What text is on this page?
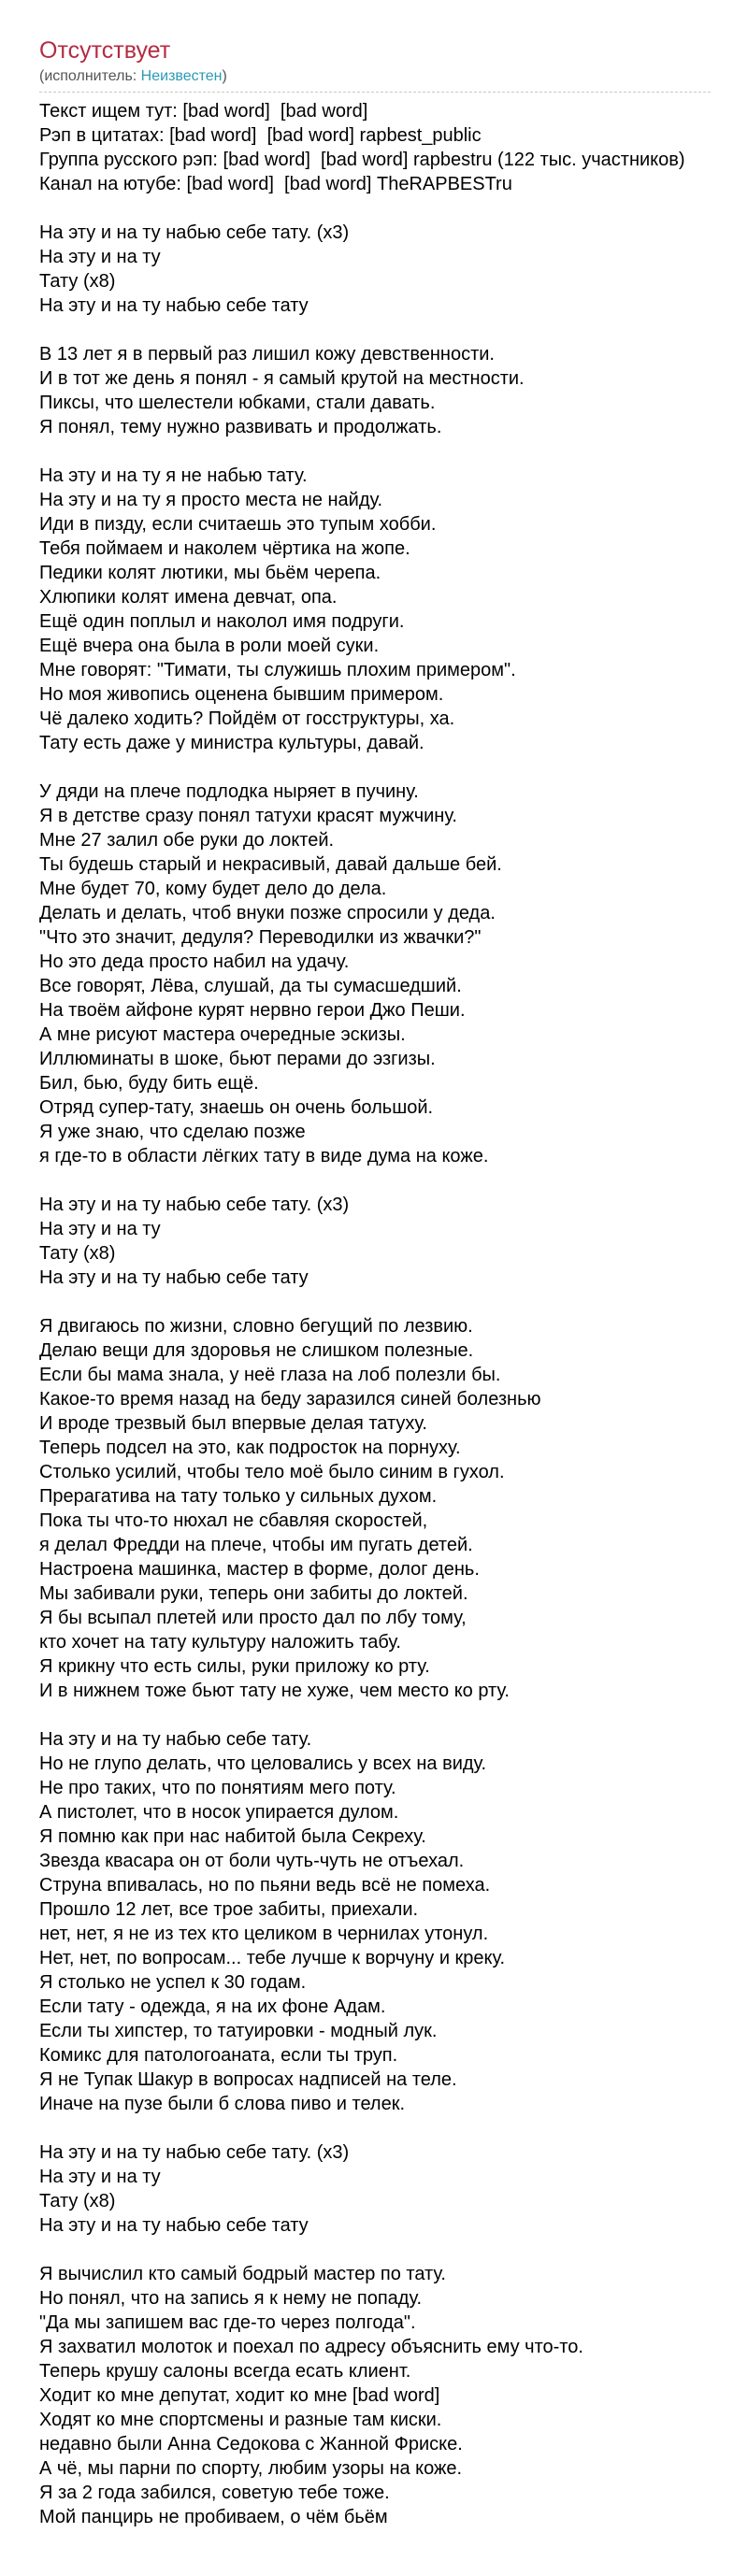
Отсутствует
(исполнитель: Неизвестен)
Текст ищем тут: [bad word]  [bad word]
Рэп в цитатах: [bad word]  [bad word] rapbest_public
Группа русского рэп: [bad word]  [bad word] rapbestru (122 тыс. участников)
Канал на ютубе: [bad word]  [bad word] TheRAPBESTru
На эту и на ту набью себе тату. (x3)
На эту и на ту
Тату (x8)
На эту и на ту набью себе тату
В 13 лет я в первый раз лишил кожу девственности.
И в тот же день я понял - я самый крутой на местности.
Пиксы, что шелестели юбками, стали давать.
Я понял, тему нужно развивать и продолжать.
На эту и на ту я не набью тату.
На эту и на ту я просто места не найду.
Иди в пизду, если считаешь это тупым хобби.
Тебя поймаем и наколем чёртика на жопе.
Педики колят лютики, мы бьём черепа.
Хлюпики колят имена девчат, опа.
Ещё один поплыл и наколол имя подруги.
Ещё вчера она была в роли моей суки.
Мне говорят: "Тимати, ты служишь плохим примером".
Но моя живопись оценена бывшим примером.
Чё далеко ходить? Пойдём от госструктуры, ха.
Тату есть даже у министра культуры, давай.
У дяди на плече подлодка ныряет в пучину.
Я в детстве сразу понял татухи красят мужчину.
Мне 27 залил обе руки до локтей.
Ты будешь старый и некрасивый, давай дальше бей.
Мне будет 70, кому будет дело до дела.
Делать и делать, чтоб внуки позже спросили у деда.
"Что это значит, дедуля? Переводилки из жвачки?"
Но это деда просто набил на удачу.
Все говорят, Лёва, слушай, да ты сумасшедший.
На твоём айфоне курят нервно герои Джо Пеши.
А мне рисуют мастера очередные эскизы.
Иллюминаты в шоке, бьют перами до эзгизы.
Бил, бью, буду бить ещё.
Отряд супер-тату, знаешь он очень большой.
Я уже знаю, что сделаю позже
я где-то в области лёгких тату в виде дума на коже.
На эту и на ту набью себе тату. (x3)
На эту и на ту
Тату (x8)
На эту и на ту набью себе тату
Я двигаюсь по жизни, словно бегущий по лезвию.
Делаю вещи для здоровья не слишком полезные.
Если бы мама знала, у неё глаза на лоб полезли бы.
Какое-то время назад на беду заразился синей болезнью
И вроде трезвый был впервые делая татуху.
Теперь подсел на это, как подросток на порнуху.
Столько усилий, чтобы тело моё было синим в гухол.
Прерагатива на тату только у сильных духом.
Пока ты что-то нюхал не сбавляя скоростей,
я делал Фредди на плече, чтобы им пугать детей.
Настроена машинка, мастер в форме, долог день.
Мы забивали руки, теперь они забиты до локтей.
Я бы всыпал плетей или просто дал по лбу тому,
кто хочет на тату культуру наложить табу.
Я крикну что есть силы, руки приложу ко рту.
И в нижнем тоже бьют тату не хуже, чем место ко рту.
На эту и на ту набью себе тату.
Но не глупо делать, что целовались у всех на виду.
Не про таких, что по понятиям мего поту.
А пистолет, что в носок упирается дулом.
Я помню как при нас набитой была Секреху.
Звезда квасара он от боли чуть-чуть не отъехал.
Струна впивалась, но по пьяни ведь всё не помеха.
Прошло 12 лет, все трое забиты, приехали.
нет, нет, я не из тех кто целиком в чернилах утонул.
Нет, нет, по вопросам... тебе лучше к ворчуну и креку.
Я столько не успел к 30 годам.
Если тату - одежда, я на их фоне Адам.
Если ты хипстер, то татуировки - модный лук.
Комикс для патологоаната, если ты труп.
Я не Тупак Шакур в вопросах надписей на теле.
Иначе на пузе были б слова пиво и телек.
На эту и на ту набью себе тату. (x3)
На эту и на ту
Тату (x8)
На эту и на ту набью себе тату
Я вычислил кто самый бодрый мастер по тату.
Но понял, что на запись я к нему не попаду.
"Да мы запишем вас где-то через полгода".
Я захватил молоток и поехал по адресу объяснить ему что-то.
Теперь крушу салоны всегда есать клиент.
Ходит ко мне депутат, ходит ко мне [bad word]
Ходят ко мне спортсмены и разные там киски.
недавно были Анна Седокова с Жанной Фриске.
А чё, мы парни по спорту, любим узоры на коже.
Я за 2 года забился, советую тебе тоже.
Мой панцирь не пробиваем, о чём бьём
